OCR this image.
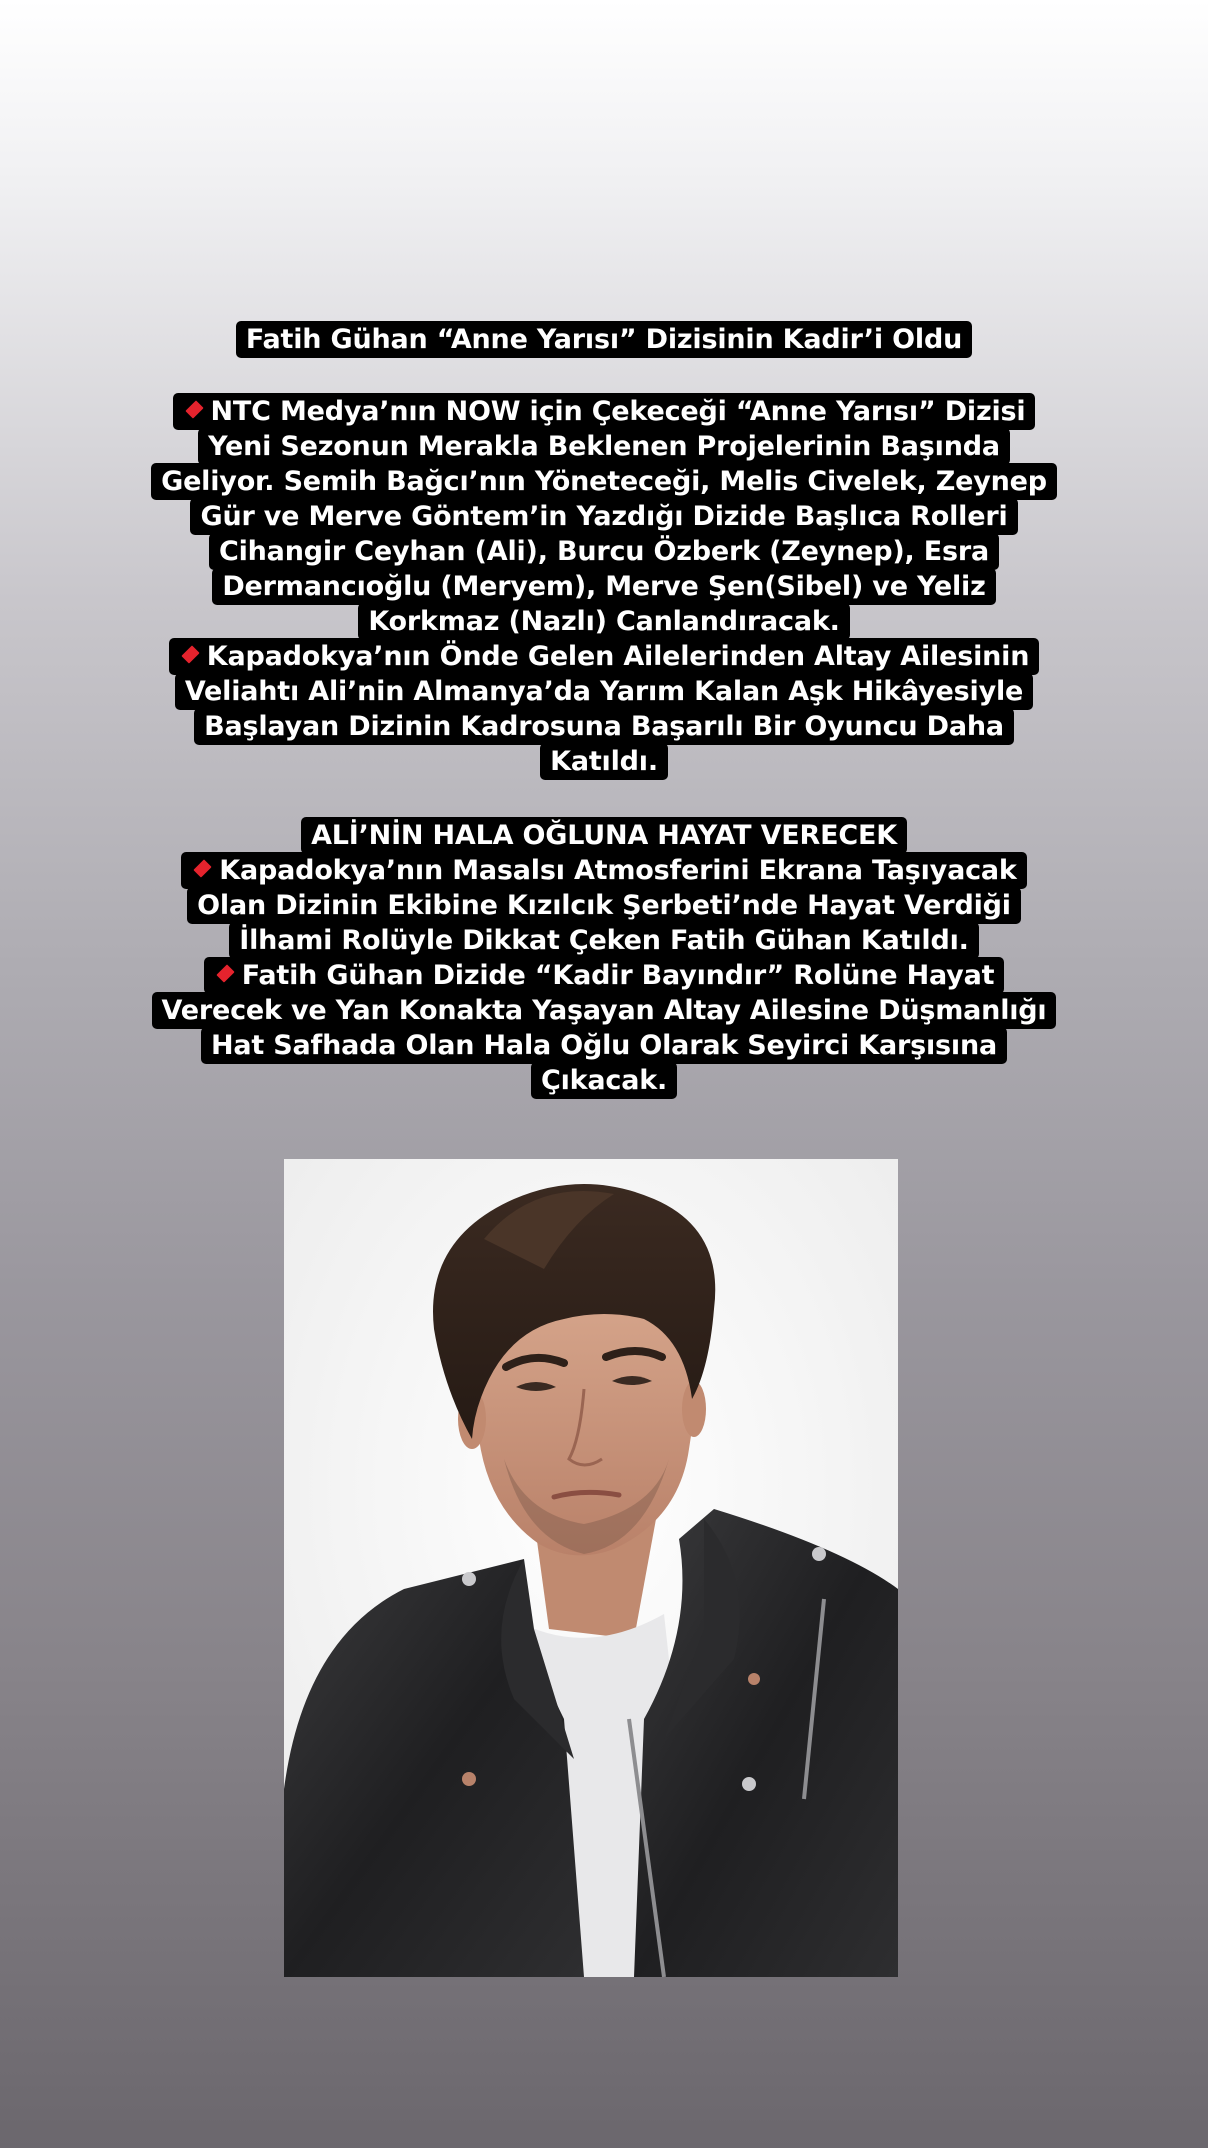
Fatih Gühan “Anne Yarısı” Dizisinin Kadir’i Oldu

NTC Medya’nın NOW için Çekeceği “Anne Yarısı” Dizisi Yeni Sezonun Merakla Beklenen Projelerinin Başında Geliyor. Semih Bağcı’nın Yöneteceği, Melis Civelek, Zeynep Gür ve Merve Göntem’in Yazdığı Dizide Başlıca Rolleri Cihangir Ceyhan (Ali), Burcu Özberk (Zeynep), Esra Dermancıoğlu (Meryem), Merve Şen(Sibel) ve Yeliz Korkmaz (Nazlı) Canlandıracak.

Kapadokya’nın Önde Gelen Ailelerinden Altay Ailesinin Veliahtı Ali’nin Almanya’da Yarım Kalan Aşk Hikâyesiyle Başlayan Dizinin Kadrosuna Başarılı Bir Oyuncu Daha Katıldı.

ALİ’NİN HALA OĞLUNA HAYAT VERECEK

Kapadokya’nın Masalsı Atmosferini Ekrana Taşıyacak Olan Dizinin Ekibine Kızılcık Şerbeti’nde Hayat Verdiği İlhami Rolüyle Dikkat Çeken Fatih Gühan Katıldı.

Fatih Gühan Dizide “Kadir Bayındır” Rolüne Hayat Verecek ve Yan Konakta Yaşayan Altay Ailesine Düşmanlığı Hat Safhada Olan Hala Oğlu Olarak Seyirci Karşısına Çıkacak.
